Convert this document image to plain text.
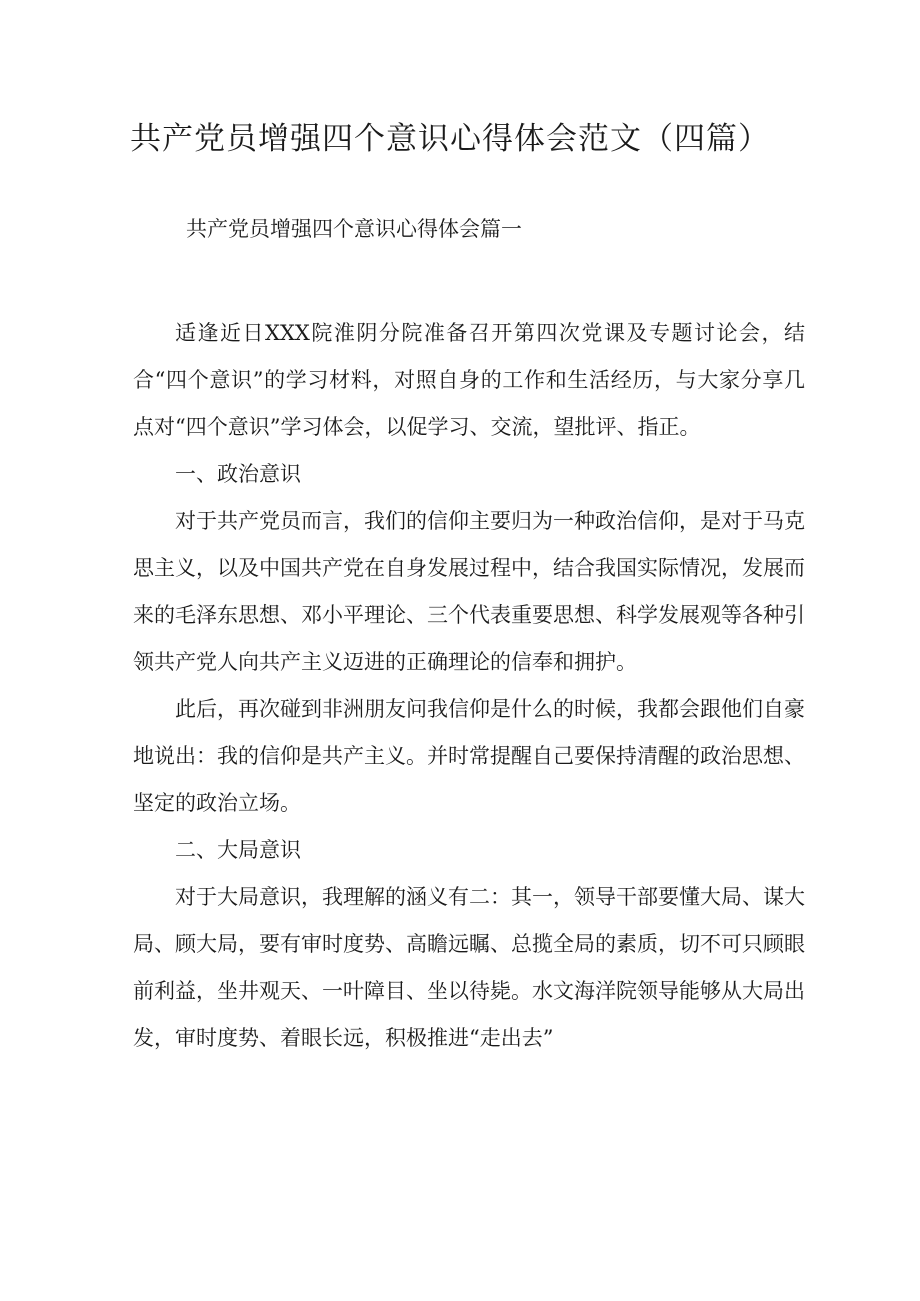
共产党员增强四个意识心得体会范文（四篇）
共产党员增强四个意识心得体会篇一

适逢近日XXX院淮阴分院准备召开第四次党课及专题讨论会，结合“四个意识”的学习材料，对照自身的工作和生活经历，与大家分享几点对“四个意识”学习体会，以促学习、交流，望批评、指正。

一、政治意识

对于共产党员而言，我们的信仰主要归为一种政治信仰，是对于马克思主义，以及中国共产党在自身发展过程中，结合我国实际情况，发展而来的毛泽东思想、邓小平理论、三个代表重要思想、科学发展观等各种引领共产党人向共产主义迈进的正确理论的信奉和拥护。

此后，再次碰到非洲朋友问我信仰是什么的时候，我都会跟他们自豪地说出：我的信仰是共产主义。并时常提醒自己要保持清醒的政治思想、坚定的政治立场。

二、大局意识

对于大局意识，我理解的涵义有二：其一，领导干部要懂大局、谋大局、顾大局，要有审时度势、高瞻远瞩、总揽全局的素质，切不可只顾眼前利益，坐井观天、一叶障目、坐以待毙。水文海洋院领导能够从大局出发，审时度势、着眼长远，积极推进“走出去”
